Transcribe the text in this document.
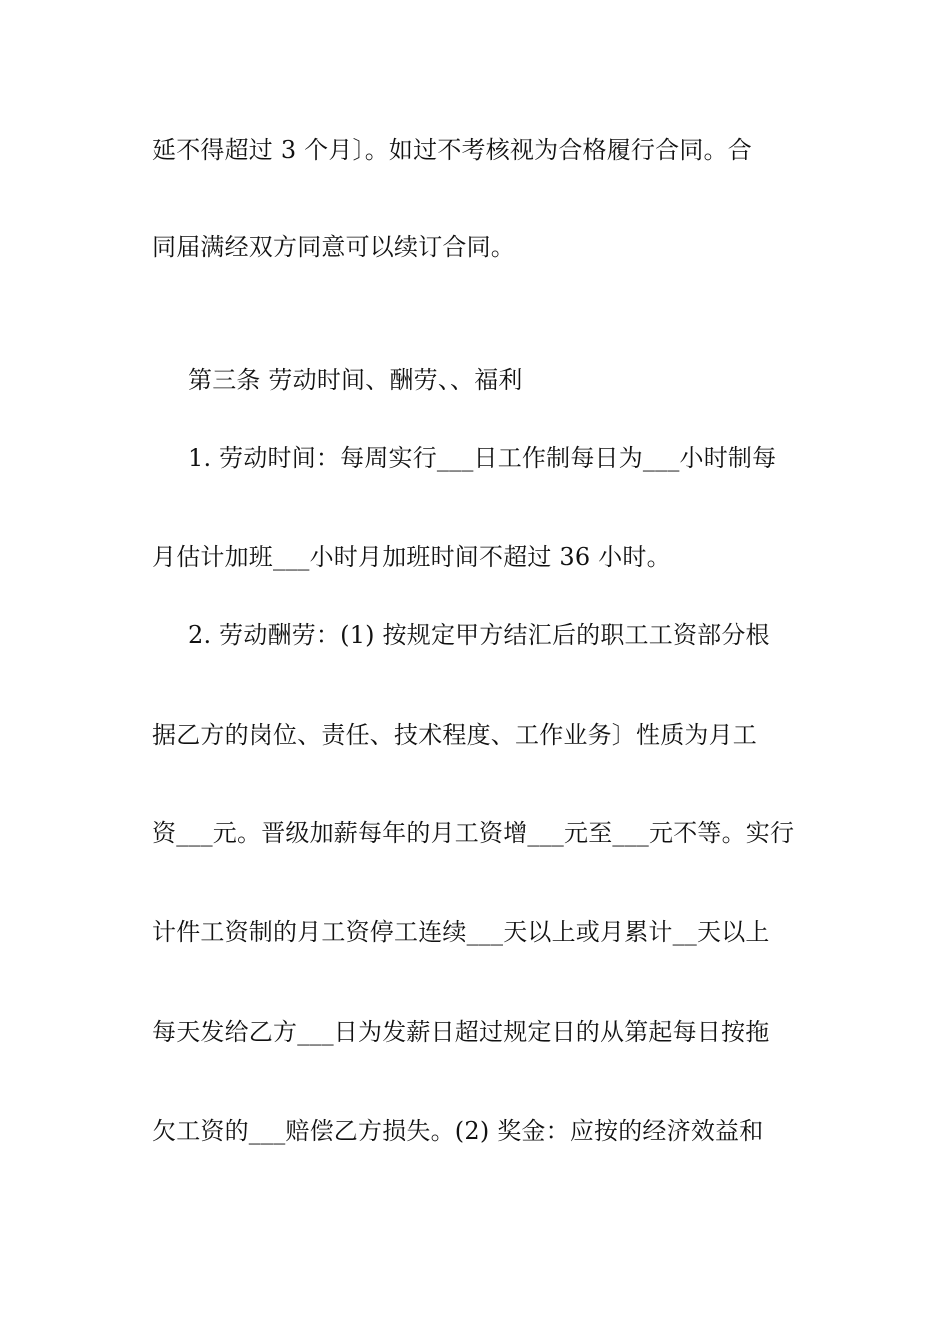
延不得超过 3 个月〕。如过不考核视为合格履行合同。合
同届满经双方同意可以续订合同。
第三条 劳动时间、酬劳、、福利
1. 劳动时间：每周实行___日工作制每日为___小时制每
月估计加班___小时月加班时间不超过 36 小时。
2. 劳动酬劳：(1) 按规定甲方结汇后的职工工资部分根
据乙方的岗位、责任、技术程度、工作业务〕性质为月工
资___元。晋级加薪每年的月工资增___元至___元不等。实行
计件工资制的月工资停工连续___天以上或月累计__天以上
每天发给乙方___日为发薪日超过规定日的从第起每日按拖
欠工资的___赔偿乙方损失。(2) 奖金：应按的经济效益和
